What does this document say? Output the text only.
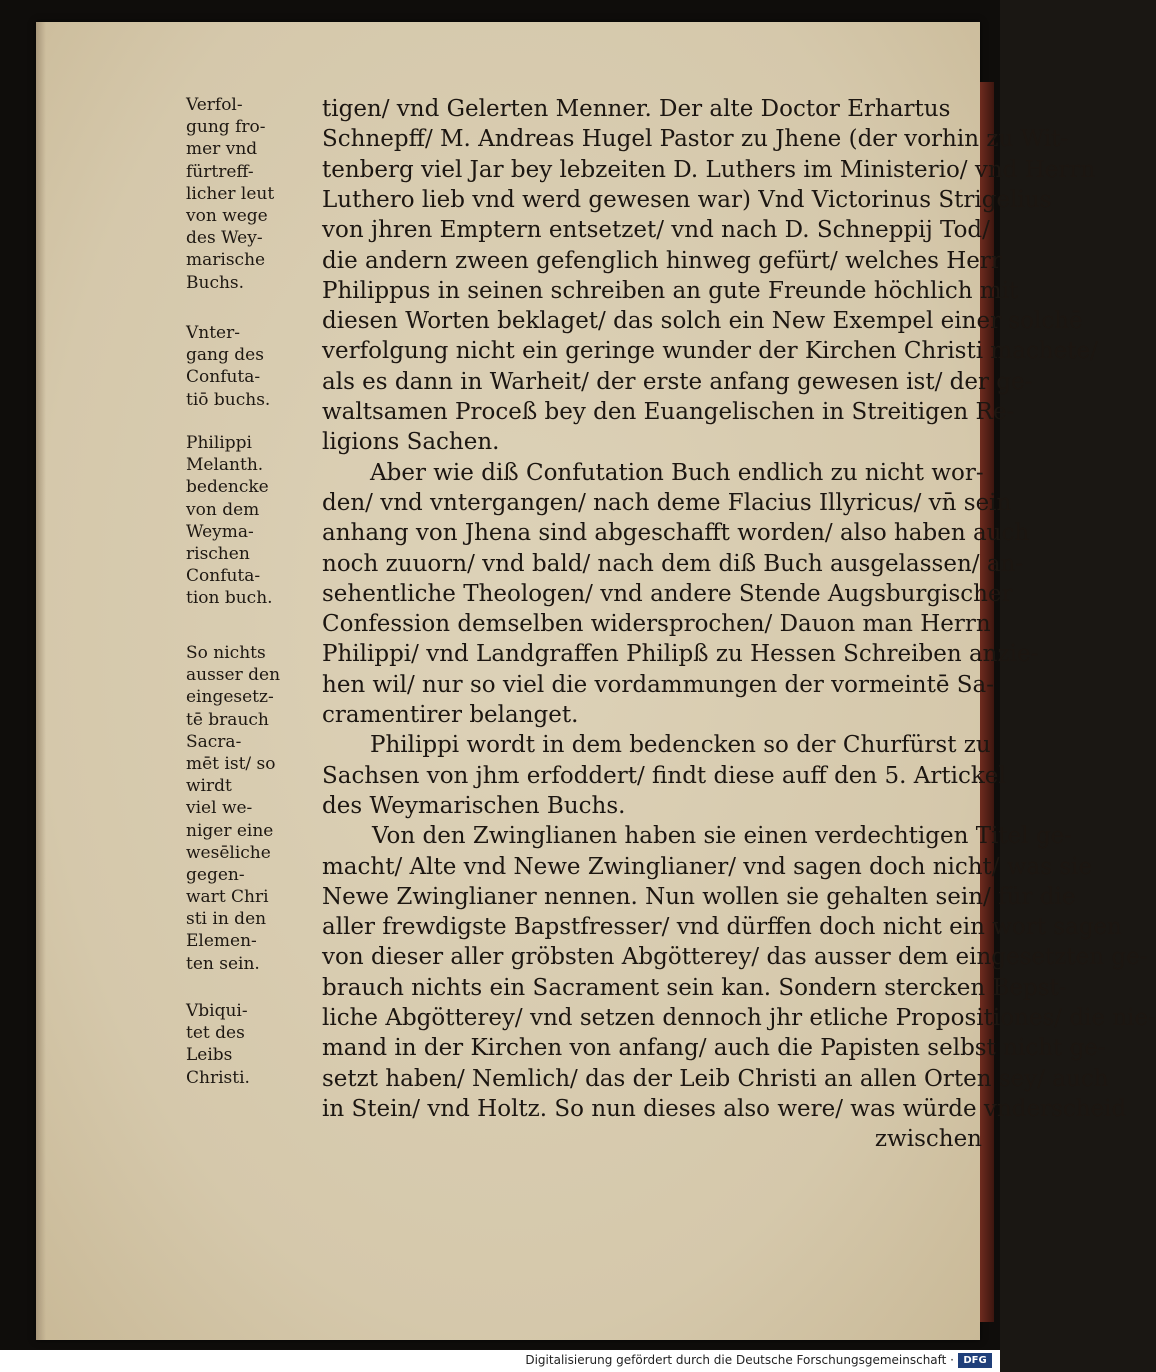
Verfol-
gung fro-
mer vnd
fürtreff-
licher leut
von wege
des Wey-
marische
Buchs.
Vnter-
gang des
Confuta-
tiō buchs.
Philippi
Melanth.
bedencke
von dem
Weyma-
rischen
Confuta-
tion buch.
So nichts
ausser den
eingesetz-
tē brauch
Sacra-
mēt ist/ so
wirdt
viel we-
niger eine
wesēliche
gegen-
wart Chri
sti in den
Elemen-
ten sein.
Vbiqui-
tet des
Leibs
Christi.
tigen/ vnd Gelerten Menner. Der alte Doctor Erhartus
Schnepff/ M. Andreas Hugel Pastor zu Jhene (der vorhin zu Wit-
tenberg viel Jar bey lebzeiten D. Luthers im Ministerio/ vnd Herrn
Luthero lieb vnd werd gewesen war) Vnd Victorinus Strigelius
von jhren Emptern entsetzet/ vnd nach D. Schneppij Tod/
die andern zween gefenglich hinweg gefürt/ welches Herr
Philippus in seinen schreiben an gute Freunde höchlich mit
diesen Worten beklaget/ das solch ein New Exempel einer solchē
verfolgung nicht ein geringe wunder der Kirchen Christi machete/
als es dann in Warheit/ der erste anfang gewesen ist/ der ge-
waltsamen Proceß bey den Euangelischen in Streitigen Re-
ligions Sachen.
Aber wie diß Confutation Buch endlich zu nicht wor-
den/ vnd vntergangen/ nach deme Flacius Illyricus/ vn̄ sein
anhang von Jhena sind abgeschafft worden/ also haben auch
noch zuuorn/ vnd bald/ nach dem diß Buch ausgelassen/ an-
sehentliche Theologen/ vnd andere Stende Augsburgischer
Confession demselben widersprochen/ Dauon man Herrn
Philippi/ vnd Landgraffen Philipß zu Hessen Schreiben anzie-
hen wil/ nur so viel die vordammungen der vormeintē Sa-
cramentirer belanget.
Philippi wordt in dem bedencken so der Churfürst zu
Sachsen von jhm erfoddert/ findt diese auff den 5. Artickel
des Weymarischen Buchs.
Von den Zwinglianen haben sie einen verdechtigen Titel ge-
macht/ Alte vnd Newe Zwinglianer/ vnd sagen doch nicht/ was sie
Newe Zwinglianer nennen. Nun wollen sie gehalten sein/ für die
aller frewdigste Bapstfresser/ vnd dürffen doch nicht ein wort sagen
von dieser aller gröbsten Abgötterey/ das ausser dem eingesetzten ge-
brauch nichts ein Sacrament sein kan. Sondern stercken Bepst-
liche Abgötterey/ vnd setzen dennoch jhr etliche Propositiones/ die nie-
mand in der Kirchen von anfang/ auch die Papisten selbst nicht ge-
setzt haben/ Nemlich/ das der Leib Christi an allen Orten sey/ auch
in Stein/ vnd Holtz. So nun dieses also were/ was würde vnderscheid
zwischen
Digitalisierung gefördert durch die Deutsche Forschungsgemeinschaft · DFG
